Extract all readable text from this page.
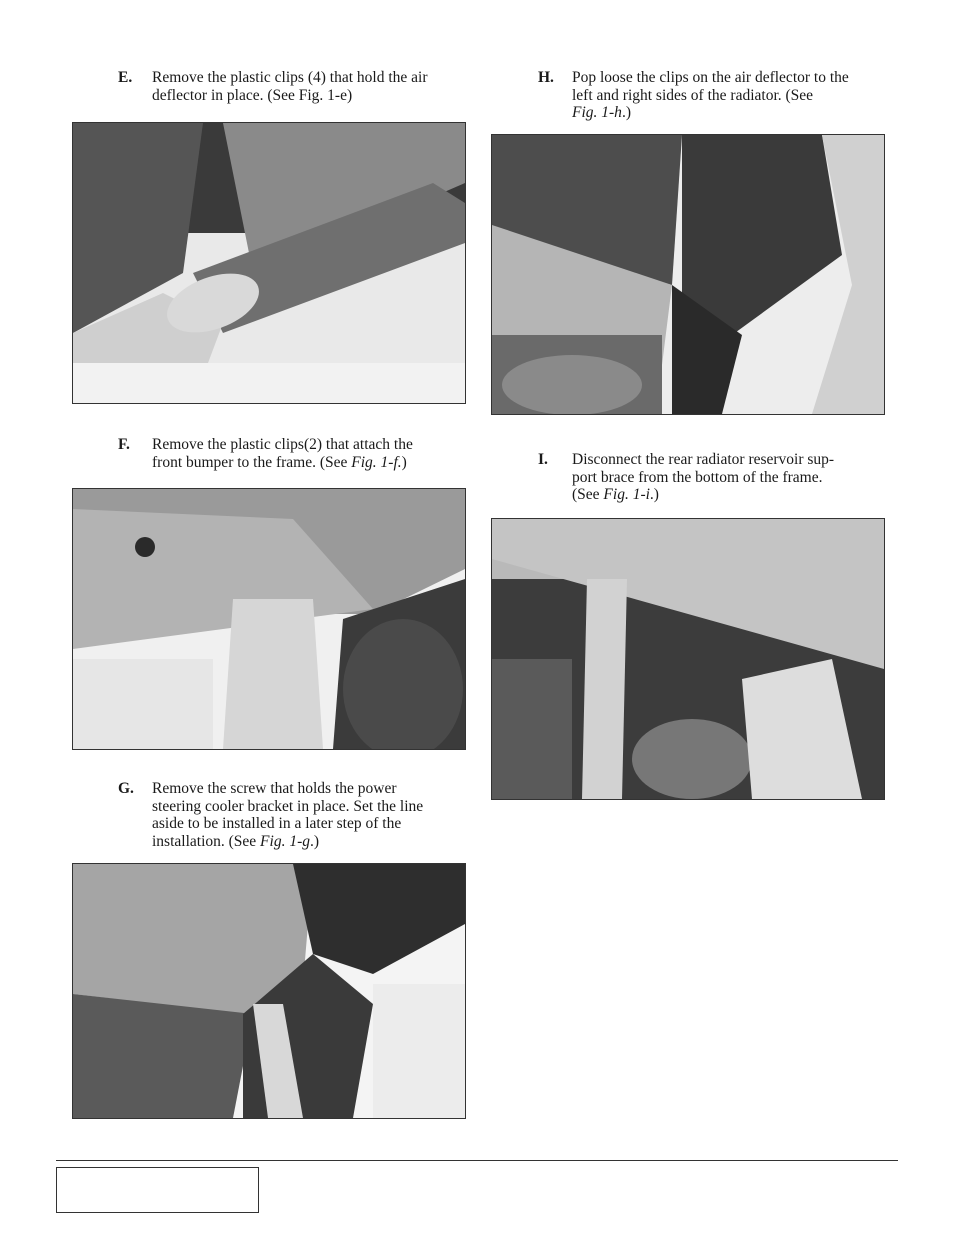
E. Remove the plastic clips (4) that hold the air

deflector in place. (See Fig. 1-e)

F. Remove the plastic clips(2) that attach the

front bumper to the frame. (See Fig. 1-f.)

G. Remove the screw that holds the power

steering cooler bracket in place. Set the line

aside to be installed in a later step of the

installation. (See Fig. 1-g.)

H. Pop loose the clips on the air deflector to the

left and right sides of the radiator. (See

Fig. 1-h.)

I. Disconnect the rear radiator reservoir sup-

port brace from the bottom of the frame.

(See Fig. 1-i.)
